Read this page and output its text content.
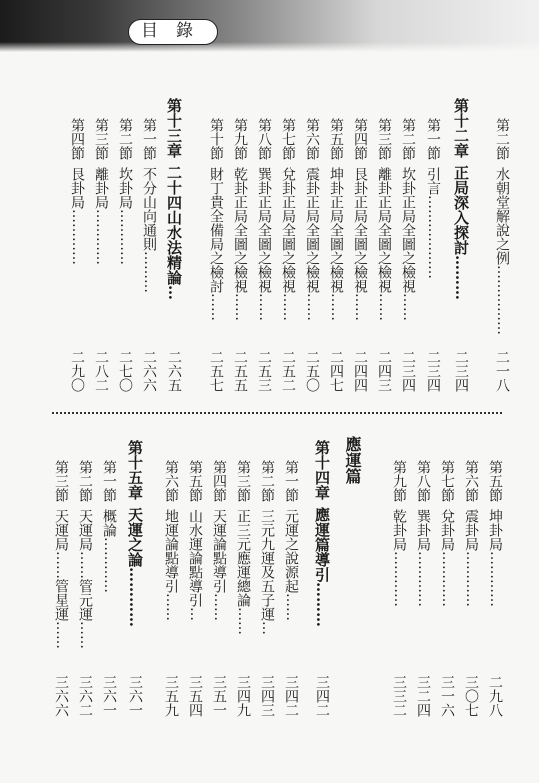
目 錄
第二節水朝堂解說之例……………
二一八
第十二章正局深入探討………
二三四
第一節引言………………
二三四
第二節坎卦正局全圖之檢視……
二三四
第三節離卦正局全圖之檢視……
二四三
第四節艮卦正局全圖之檢視……
二四四
第五節坤卦正局全圖之檢視……
二四七
第六節震卦正局全圖之檢視……
二五〇
第七節兌卦正局全圖之檢視……
二五二
第八節巽卦正局全圖之檢視……
二五三
第九節乾卦正局全圖之檢視……
二五五
第十節財丁貴全備局之檢討……
二五七
第十三章二十四山水法精論…
二六五
第一節不分山向通則………
二六六
第二節坎卦局…………
二七〇
第三節離卦局…………
二八二
第四節艮卦局…………
二九〇
第五節坤卦局…………
二九八
第六節震卦局…………
三〇七
第七節兌卦局…………
三一六
第八節巽卦局…………
三二四
第九節乾卦局…………
三三二
應運篇
第十四章應運篇導引………
三四二
第一節元運之說源起……
三四二
第二節三元九運及五子運…
三四三
第三節正三元應運總論……
三四九
第四節天運論點導引……
三五一
第五節山水運論點導引…
三五四
第六節地運論點導引……
三五九
第十五章天運之論…………
三六一
第一節概論…………
三六一
第二節天運局……管元運……
三六二
第三節天運局……管星運……
三六六
